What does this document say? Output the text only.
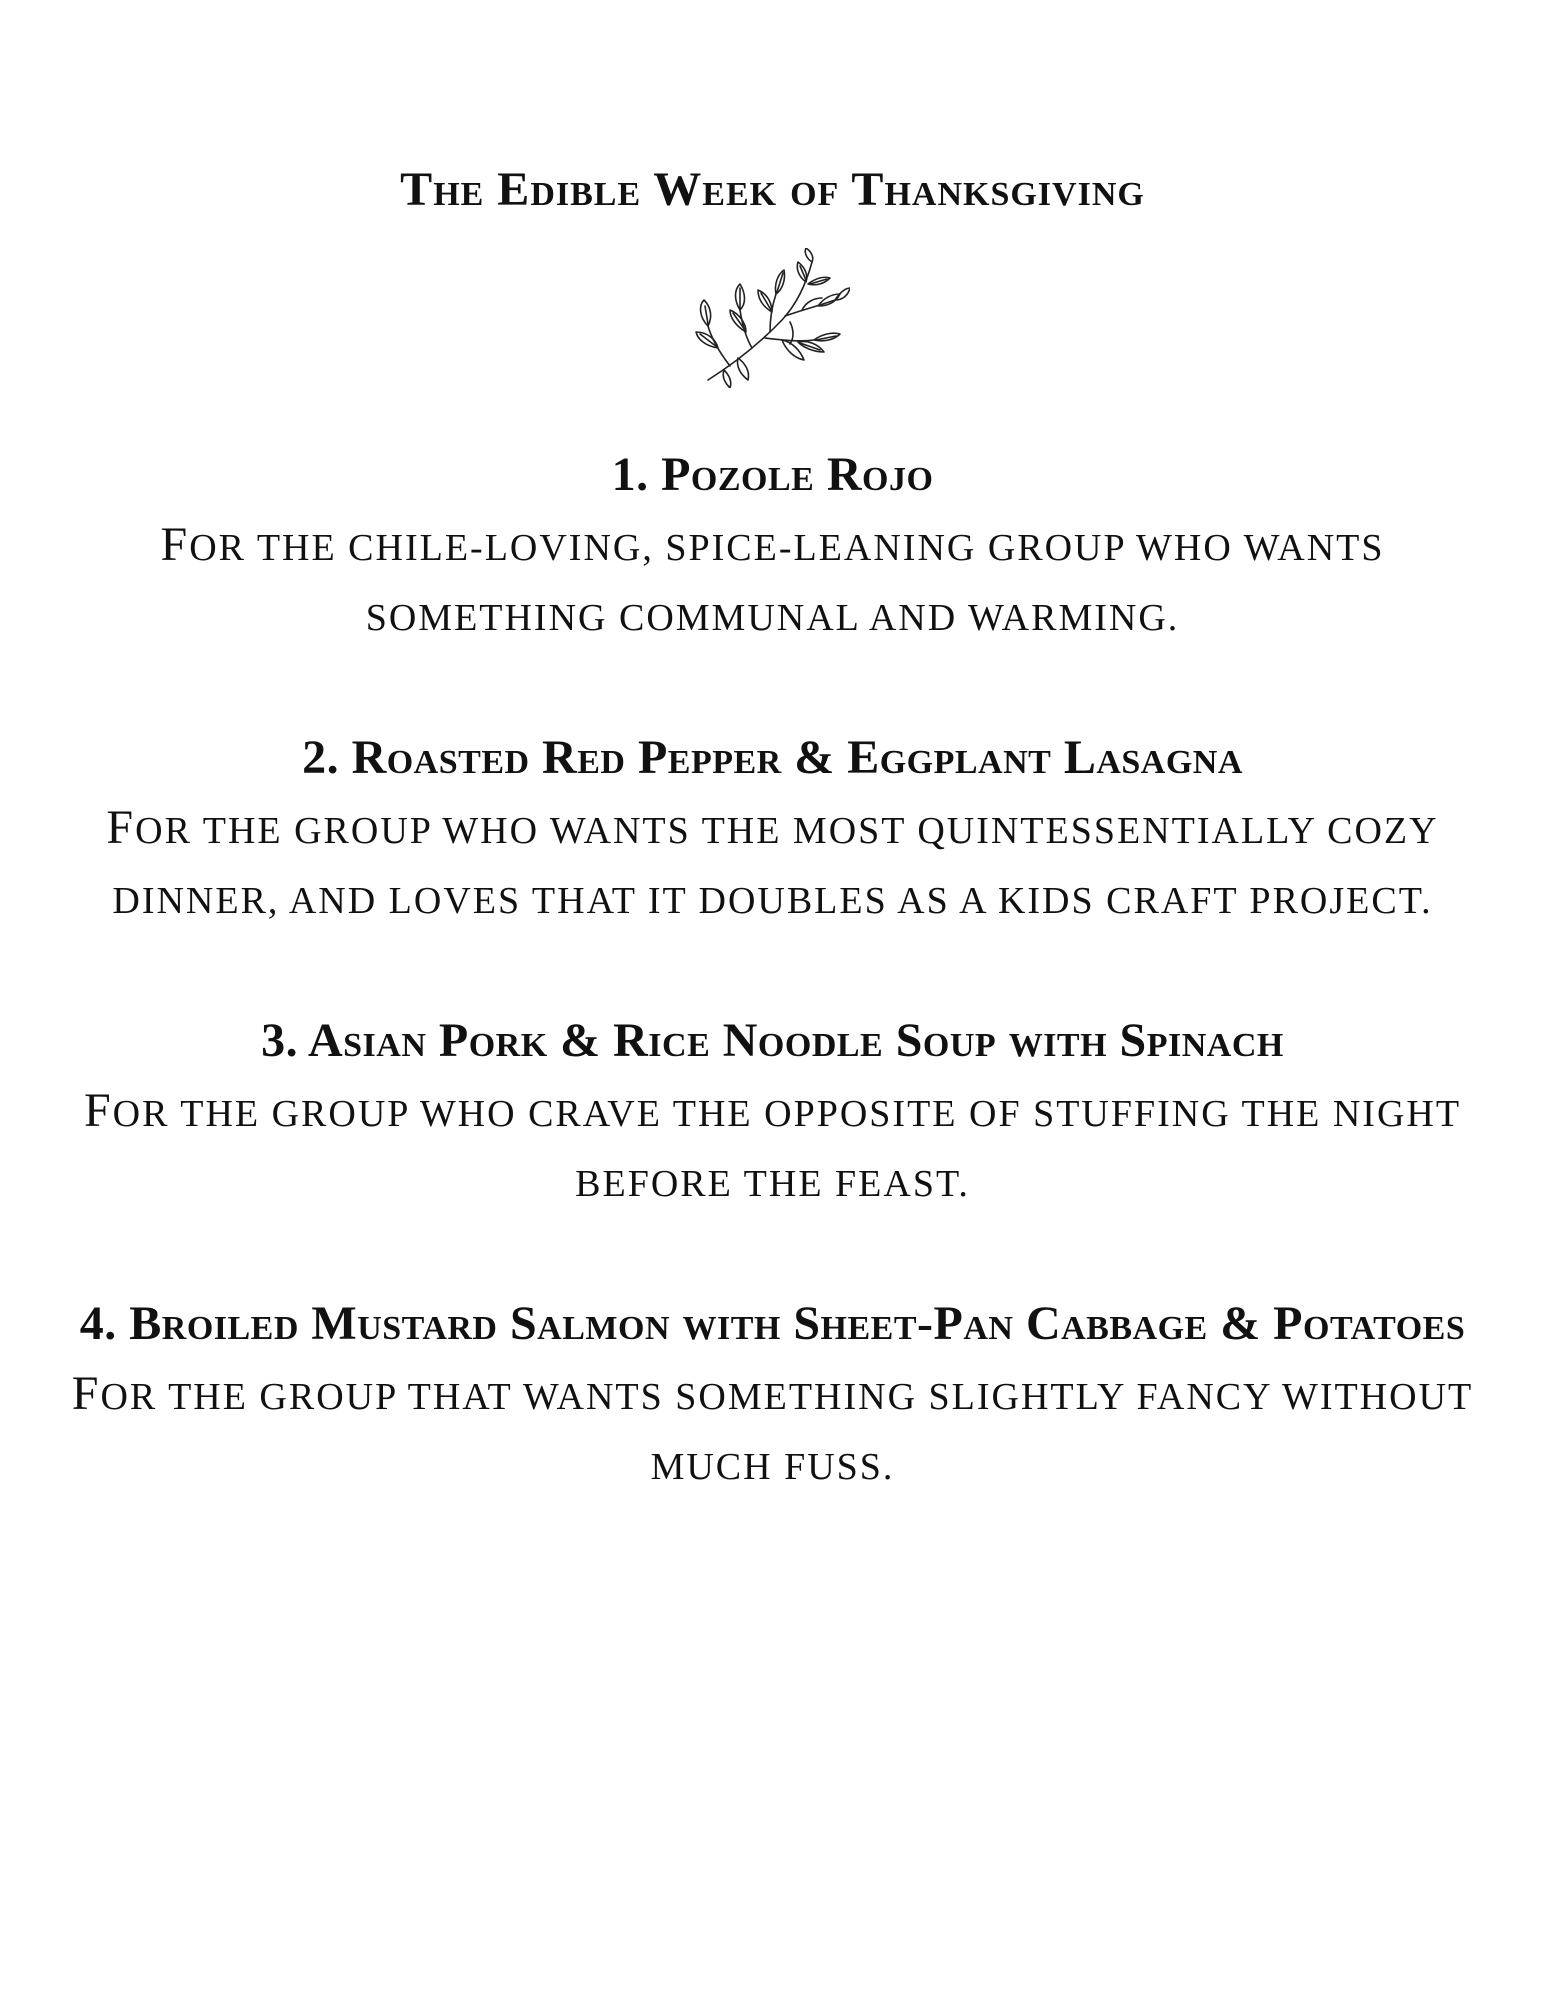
The Edible Week of Thanksgiving
1. Pozole Rojo

FOR THE CHILE-LOVING, SPICE-LEANING GROUP WHO WANTS SOMETHING COMMUNAL AND WARMING.

2. Roasted Red Pepper & Eggplant Lasagna

FOR THE GROUP WHO WANTS THE MOST QUINTESSENTIALLY COZY DINNER, AND LOVES THAT IT DOUBLES AS A KIDS CRAFT PROJECT.

3. Asian Pork & Rice Noodle Soup with Spinach

FOR THE GROUP WHO CRAVE THE OPPOSITE OF STUFFING THE NIGHT BEFORE THE FEAST.

4. Broiled Mustard Salmon with Sheet-Pan Cabbage & Potatoes

FOR THE GROUP THAT WANTS SOMETHING SLIGHTLY FANCY WITHOUT MUCH FUSS.
